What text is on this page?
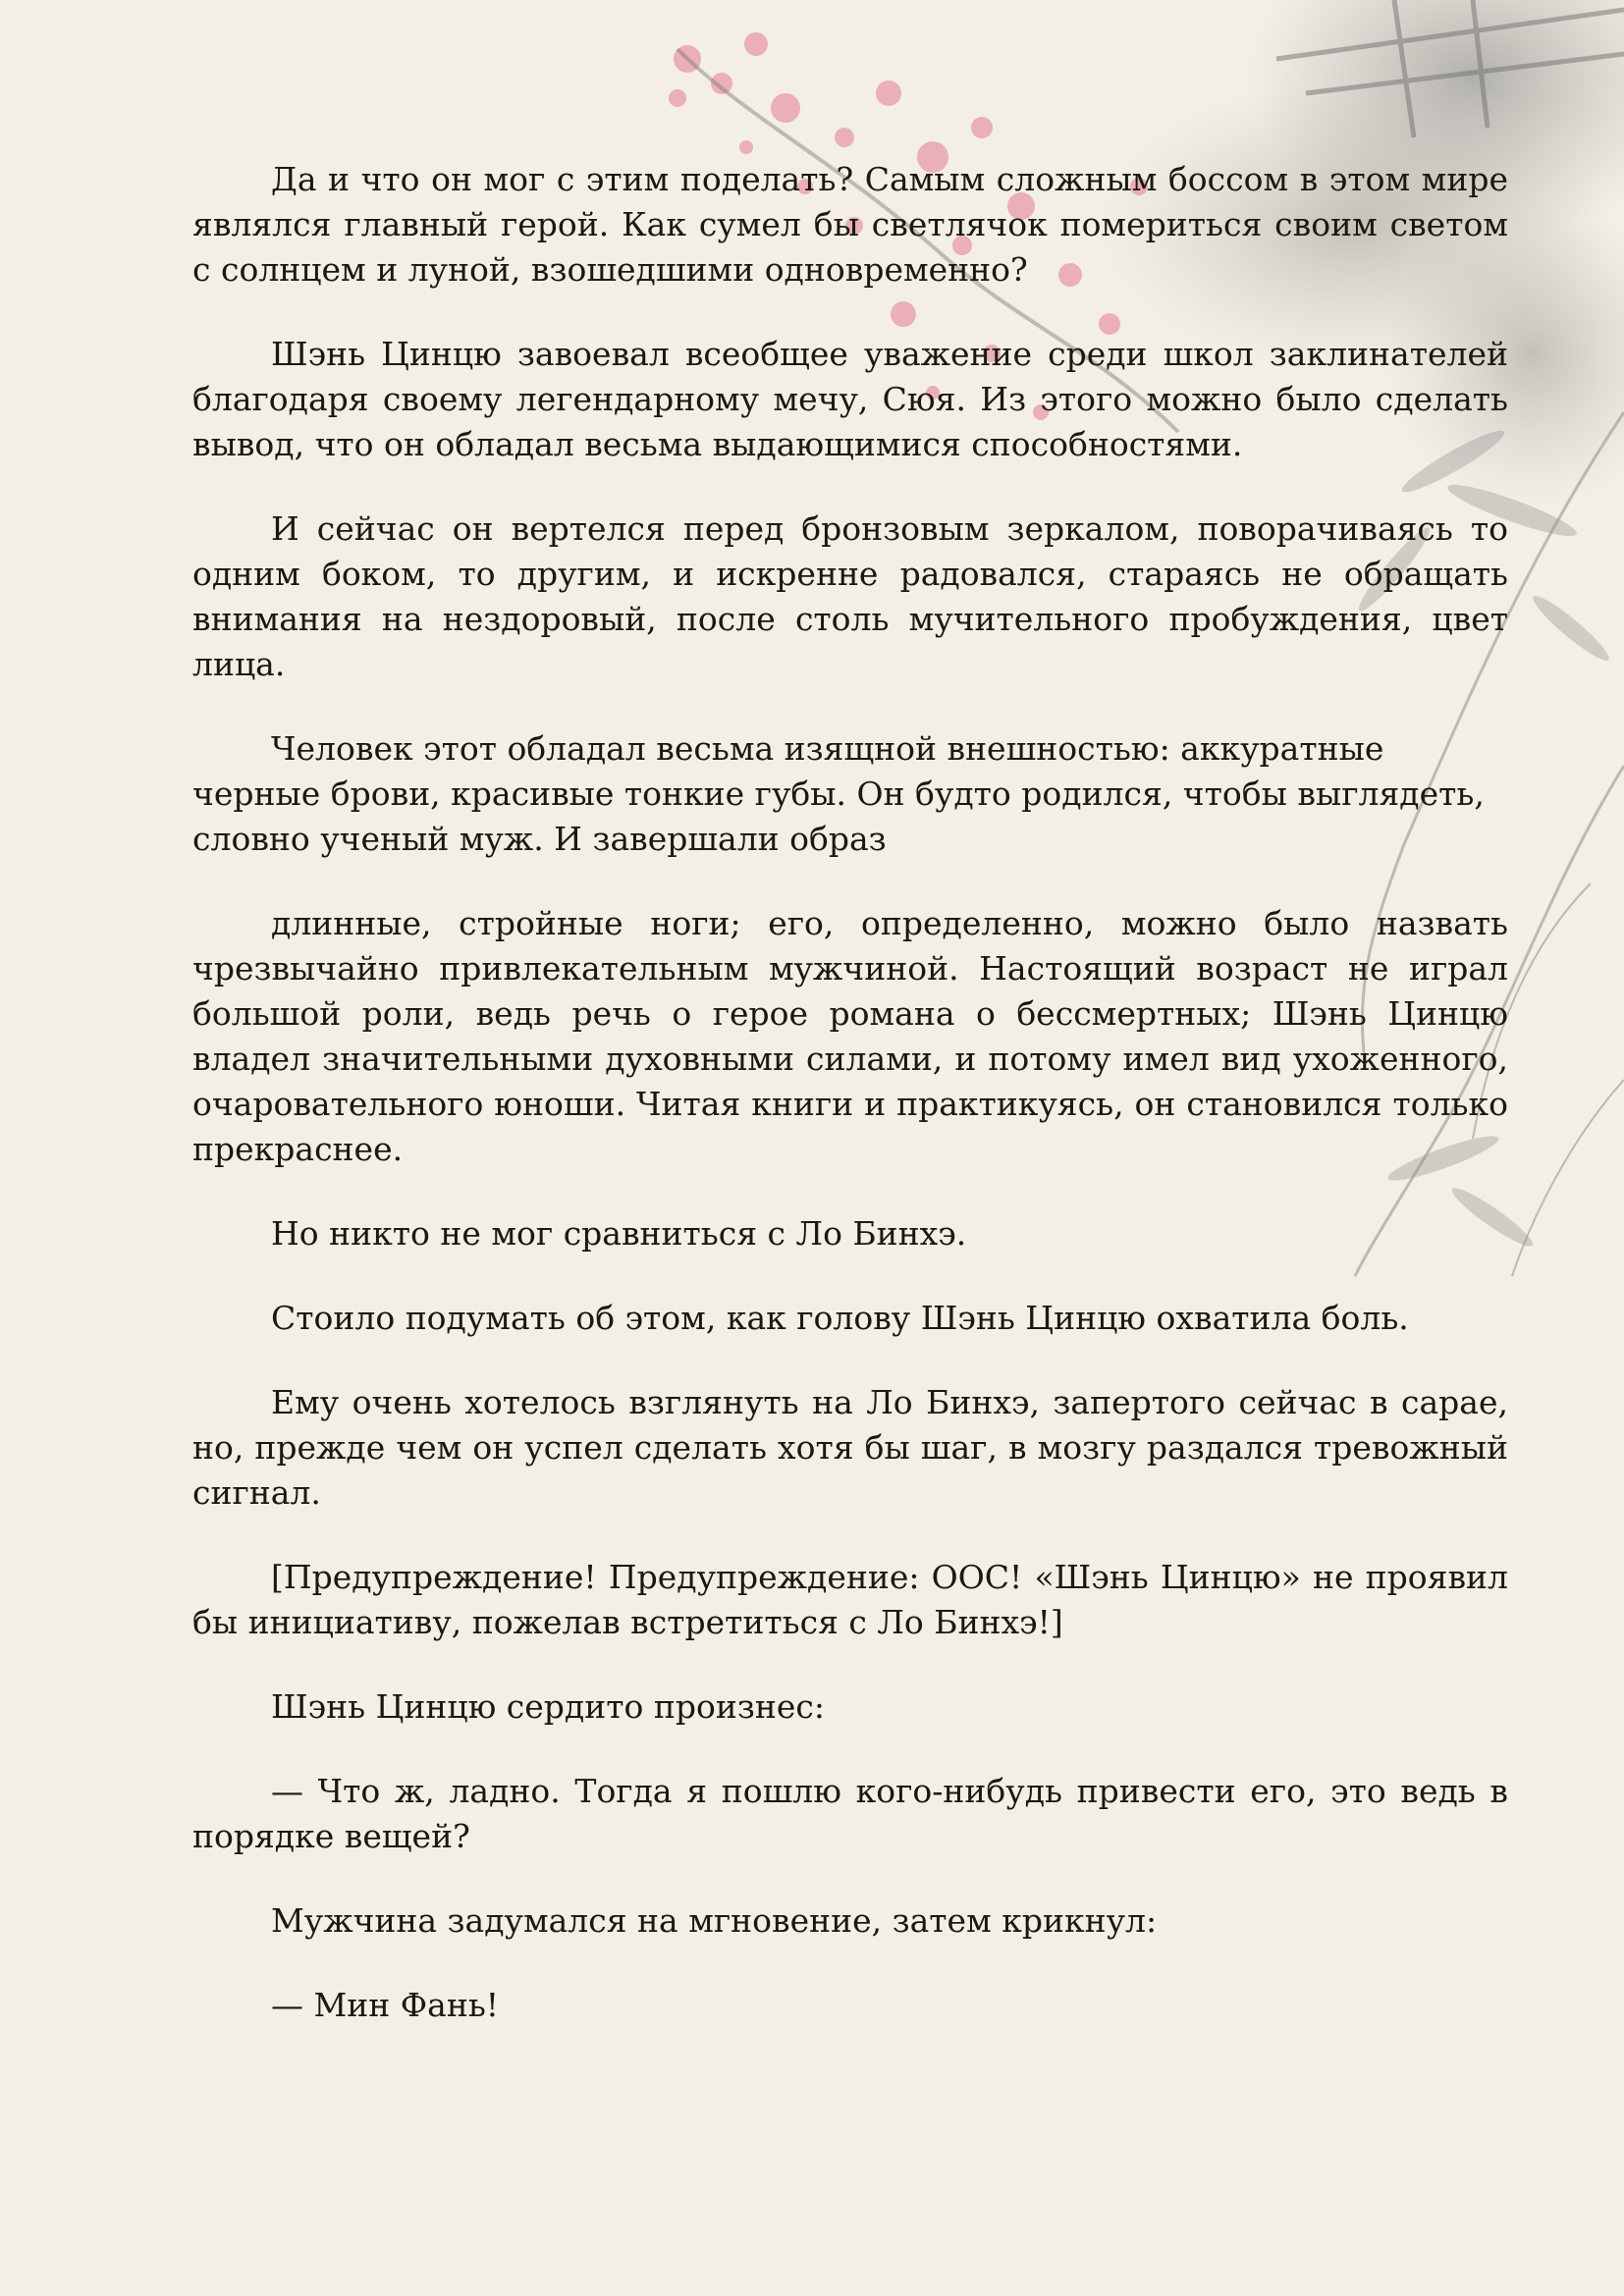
Да и что он мог с этим поделать? Самым сложным боссом в этом мире являлся главный герой. Как сумел бы светлячок помериться своим светом с солнцем и луной, взошедшими одновременно?

Шэнь Цинцю завоевал всеобщее уважение среди школ заклинателей благодаря своему легендарному мечу, Сюя. Из этого можно было сделать вывод, что он обладал весьма выдающимися способностями.

И сейчас он вертелся перед бронзовым зеркалом, поворачиваясь то одним боком, то другим, и искренне радовался, стараясь не обращать внимания на нездоровый, после столь мучительного пробуждения, цвет лица.

Человек этот обладал весьма изящной внешностью: аккуратные черные брови, красивые тонкие губы. Он будто родился, чтобы выглядеть, словно ученый муж. И завершали образ

длинные, стройные ноги; его, определенно, можно было назвать чрезвычайно привлекательным мужчиной. Настоящий возраст не играл большой роли, ведь речь о герое романа о бессмертных; Шэнь Цинцю владел значительными духовными силами, и потому имел вид ухоженного, очаровательного юноши. Читая книги и практикуясь, он становился только прекраснее.

Но никто не мог сравниться с Ло Бинхэ.

Стоило подумать об этом, как голову Шэнь Цинцю охватила боль.

Ему очень хотелось взглянуть на Ло Бинхэ, запертого сейчас в сарае, но, прежде чем он успел сделать хотя бы шаг, в мозгу раздался тревожный сигнал.

[Предупреждение! Предупреждение: ООС! «Шэнь Цинцю» не проявил бы инициативу, пожелав встретиться с Ло Бинхэ!]

Шэнь Цинцю сердито произнес:

— Что ж, ладно. Тогда я пошлю кого-нибудь привести его, это ведь в порядке вещей?

Мужчина задумался на мгновение, затем крикнул:

— Мин Фань!
